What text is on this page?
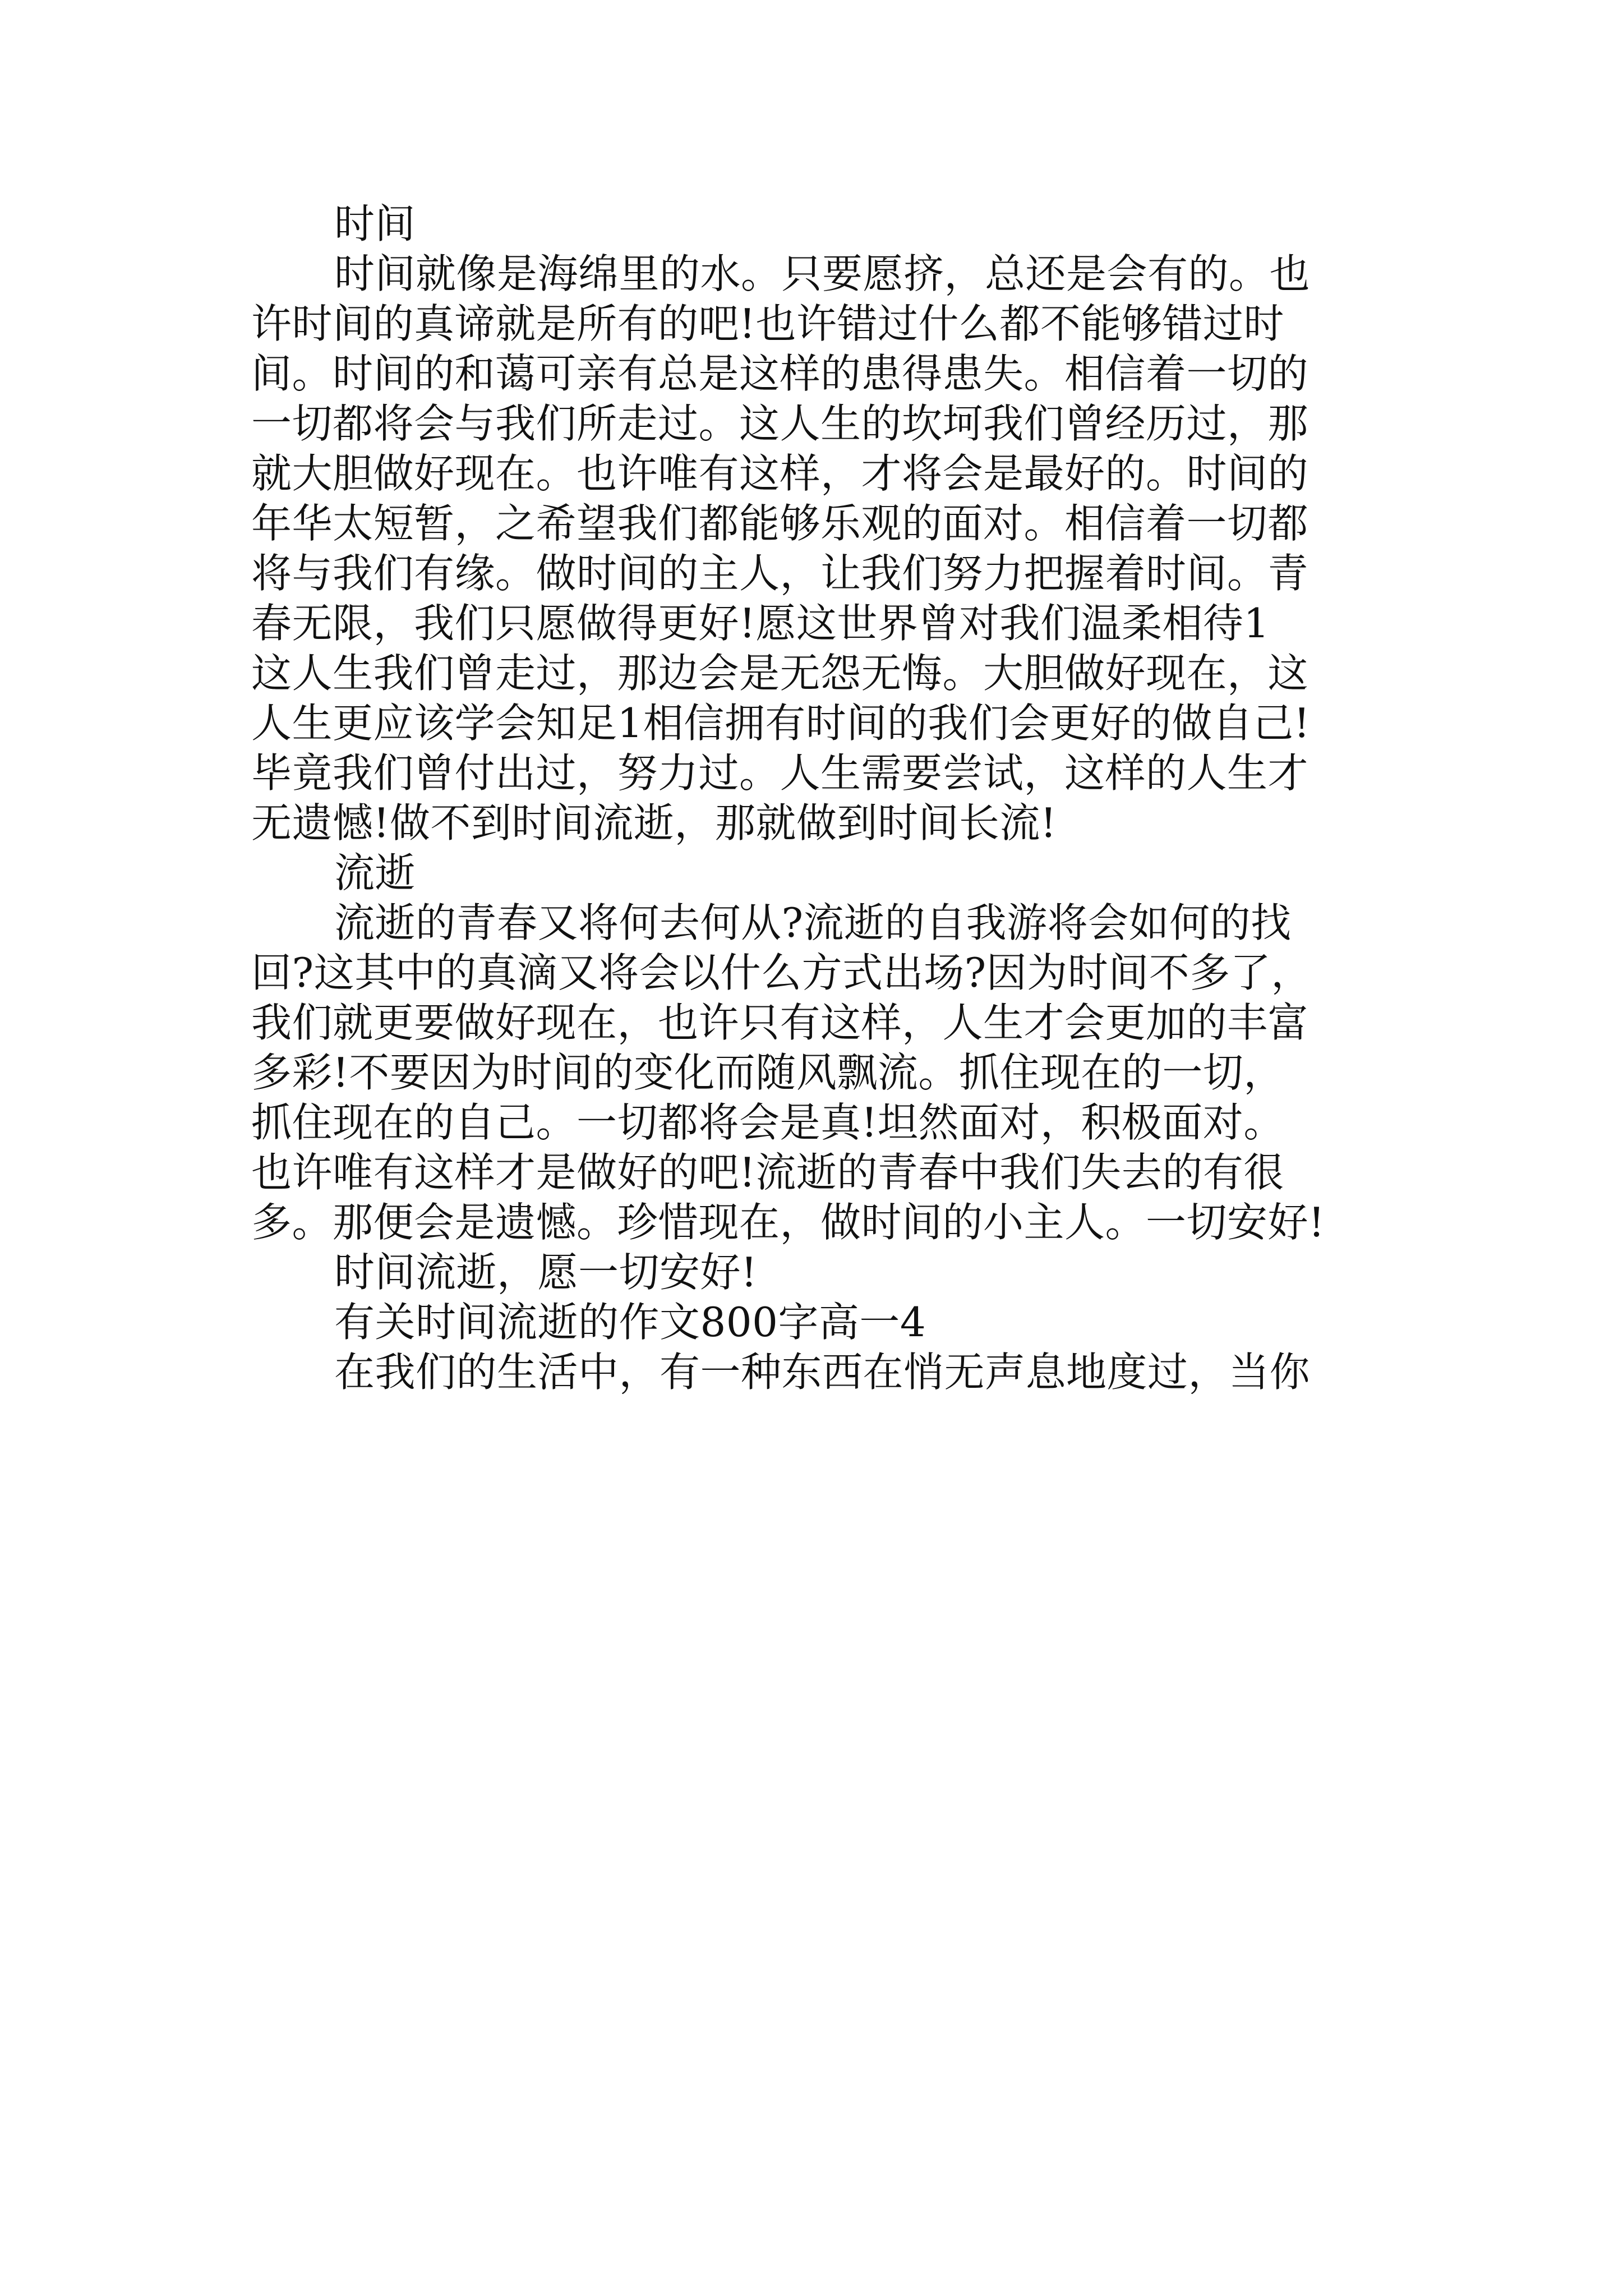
时间

时间就像是海绵里的水。只要愿挤，总还是会有的。也

许时间的真谛就是所有的吧!也许错过什么都不能够错过时

间。时间的和蔼可亲有总是这样的患得患失。相信着一切的

一切都将会与我们所走过。这人生的坎坷我们曾经历过，那

就大胆做好现在。也许唯有这样，才将会是最好的。时间的

年华太短暂，之希望我们都能够乐观的面对。相信着一切都

将与我们有缘。做时间的主人，让我们努力把握着时间。青

春无限，我们只愿做得更好!愿这世界曾对我们温柔相待1

这人生我们曾走过，那边会是无怨无悔。大胆做好现在，这

人生更应该学会知足1相信拥有时间的我们会更好的做自己!

毕竟我们曾付出过，努力过。人生需要尝试，这样的人生才

无遗憾!做不到时间流逝，那就做到时间长流!

流逝

流逝的青春又将何去何从?流逝的自我游将会如何的找

回?这其中的真滴又将会以什么方式出场?因为时间不多了，

我们就更要做好现在，也许只有这样，人生才会更加的丰富

多彩!不要因为时间的变化而随风飘流。抓住现在的一切，

抓住现在的自己。一切都将会是真!坦然面对，积极面对。

也许唯有这样才是做好的吧!流逝的青春中我们失去的有很

多。那便会是遗憾。珍惜现在，做时间的小主人。一切安好!

时间流逝，愿一切安好!

有关时间流逝的作文800字高一4

在我们的生活中，有一种东西在悄无声息地度过，当你
